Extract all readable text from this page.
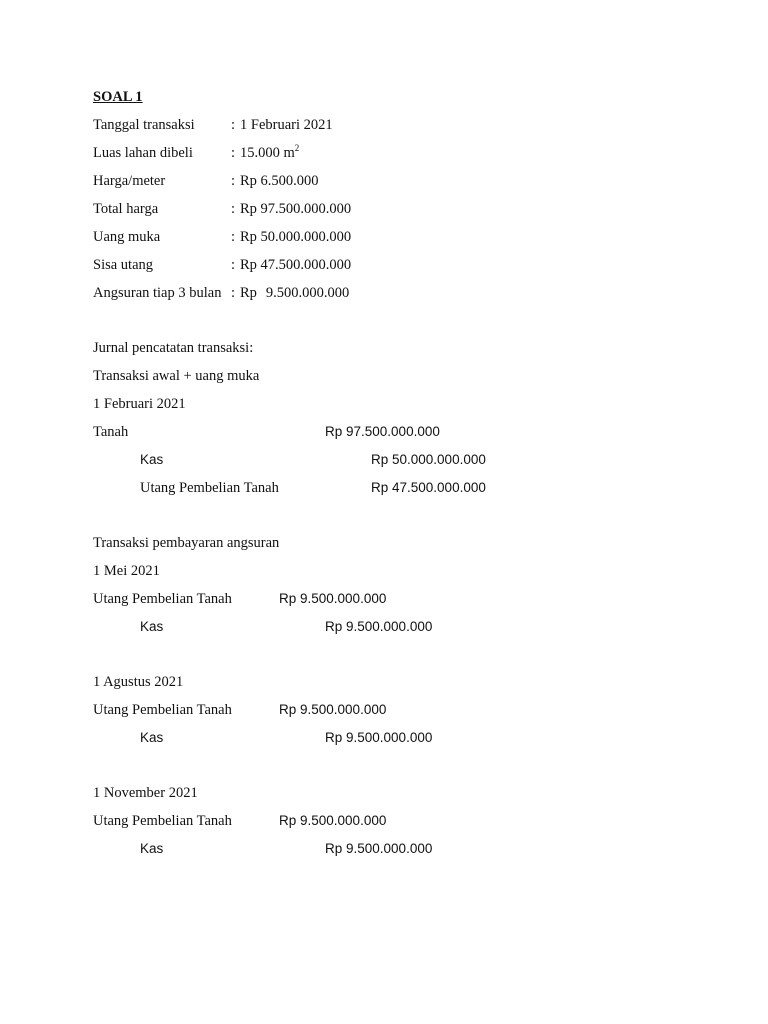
SOAL 1
Tanggal transaksi	: 1 Februari 2021
Luas lahan dibeli	: 15.000 $m^2$
Harga/meter	: Rp 6.500.000
Total harga	: Rp 97.500.000.000
Uang muka	: Rp 50.000.000.000
Sisa utang	: Rp 47.500.000.000
Angsuran tiap 3 bulan : Rp 9.500.000.000
Jurnal pencatatan transaksi:
Transaksi awal + uang muka
1 Februari 2021
Tanah	Rp 97.500.000.000
Kas	Rp 50.000.000.000
Utang Pembelian Tanah	Rp 47.500.000.000
Transaksi pembayaran angsuran
1 Mei 2021
Utang Pembelian Tanah	Rp 9.500.000.000
Kas	Rp 9.500.000.000
1 Agustus 2021
Utang Pembelian Tanah	Rp 9.500.000.000
Kas	Rp 9.500.000.000
1 November 2021
Utang Pembelian Tanah	Rp 9.500.000.000
Kas	Rp 9.500.000.000
